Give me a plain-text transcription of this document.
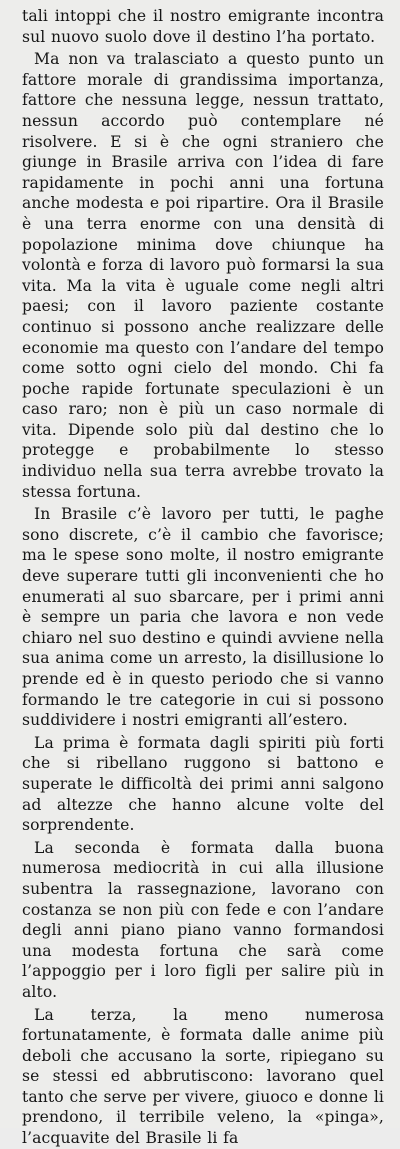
tali intoppi che il nostro emigrante incontra sul nuovo suolo dove il destino l’ha portato.

Ma non va tralasciato a questo punto un fattore morale di grandissima importanza, fattore che nessuna legge, nessun trattato, nessun accordo può contemplare né risolvere. E si è che ogni straniero che giunge in Brasile arriva con l’idea di fare rapidamente in pochi anni una fortuna anche modesta e poi ripartire. Ora il Brasile è una terra enorme con una densità di popolazione minima dove chiunque ha volontà e forza di lavoro può formarsi la sua vita. Ma la vita è uguale come negli altri paesi; con il lavoro paziente costante continuo si possono anche realizzare delle economie ma questo con l’andare del tempo come sotto ogni cielo del mondo. Chi fa poche rapide fortunate speculazioni è un caso raro; non è più un caso normale di vita. Dipende solo più dal destino che lo protegge e probabilmente lo stesso individuo nella sua terra avrebbe trovato la stessa fortuna.

In Brasile c’è lavoro per tutti, le paghe sono discrete, c’è il cambio che favorisce; ma le spese sono molte, il nostro emigrante deve superare tutti gli inconvenienti che ho enumerati al suo sbarcare, per i primi anni è sempre un paria che lavora e non vede chiaro nel suo destino e quindi avviene nella sua anima come un arresto, la disillusione lo prende ed è in questo periodo che si vanno formando le tre categorie in cui si possono suddividere i nostri emigranti all’estero.

La prima è formata dagli spiriti più forti che si ribellano ruggono si battono e superate le difficoltà dei primi anni salgono ad altezze che hanno alcune volte del sorprendente.

La seconda è formata dalla buona numerosa mediocrità in cui alla illusione subentra la rassegnazione, lavorano con costanza se non più con fede e con l’andare degli anni piano piano vanno formandosi una modesta fortuna che sarà come l’appoggio per i loro figli per salire più in alto.

La terza, la meno numerosa fortunatamente, è formata dalle anime più deboli che accusano la sorte, ripiegano su se stessi ed abbrutiscono: lavorano quel tanto che serve per vivere, giuoco e donne li prendono, il terribile veleno, la «pinga», l’acquavite del Brasile li fa
